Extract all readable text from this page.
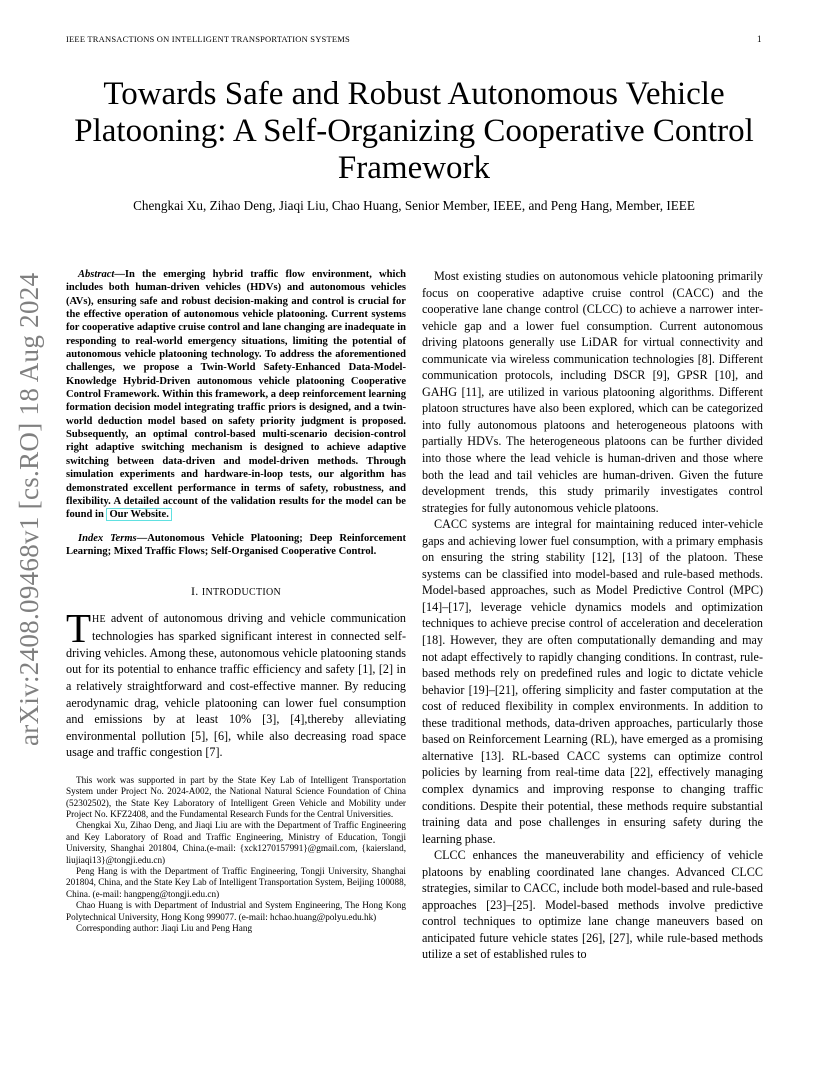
IEEE TRANSACTIONS ON INTELLIGENT TRANSPORTATION SYSTEMS	1
Towards Safe and Robust Autonomous Vehicle Platooning: A Self-Organizing Cooperative Control Framework
Chengkai Xu, Zihao Deng, Jiaqi Liu, Chao Huang, Senior Member, IEEE, and Peng Hang, Member, IEEE
arXiv:2408.09468v1 [cs.RO] 18 Aug 2024	Abstract—In the emerging hybrid traffic flow environment, which includes both human-driven vehicles (HDVs) and autonomous vehicles (AVs), ensuring safe and robust decision-making and control is crucial for the effective operation of autonomous vehicle platooning. Current systems for cooperative adaptive cruise control and lane changing are inadequate in responding to real-world emergency situations, limiting the potential of autonomous vehicle platooning technology. To address the aforementioned challenges, we propose a Twin-World Safety-Enhanced Data-Model-Knowledge Hybrid-Driven autonomous vehicle platooning Cooperative Control Framework. Within this framework, a deep reinforcement learning formation decision model integrating traffic priors is designed, and a twin-world deduction model based on safety priority judgment is proposed. Subsequently, an optimal control-based multi-scenario decision-control right adaptive switching mechanism is designed to achieve adaptive switching between data-driven and model-driven methods. Through simulation experiments and hardware-in-loop tests, our algorithm has demonstrated excellent performance in terms of safety, robustness, and flexibility. A detailed account of the validation results for the model can be found in Our Website.

Index Terms—Autonomous Vehicle Platooning; Deep Reinforcement Learning; Mixed Traffic Flows; Self-Organised Cooperative Control.

I. INTRODUCTION

THE advent of autonomous driving and vehicle communication technologies has sparked significant interest in connected self-driving vehicles. Among these, autonomous vehicle platooning stands out for its potential to enhance traffic efficiency and safety [1], [2] in a relatively straightforward and cost-effective manner. By reducing aerodynamic drag, vehicle platooning can lower fuel consumption and emissions by at least 10% [3], [4],thereby alleviating environmental pollution [5], [6], while also decreasing road space usage and traffic congestion [7].

This work was supported in part by the State Key Lab of Intelligent Transportation System under Project No. 2024-A002, the National Natural Science Foundation of China (52302502), the State Key Laboratory of Intelligent Green Vehicle and Mobility under Project No. KFZ2408, and the Fundamental Research Funds for the Central Universities.

Chengkai Xu, Zihao Deng, and Jiaqi Liu are with the Department of Traffic Engineering and Key Laboratory of Road and Traffic Engineering, Ministry of Education, Tongji University, Shanghai 201804, China.(e-mail: {xck1270157991}@gmail.com, {kaiersland, liujiaqi13}@tongji.edu.cn)

Peng Hang is with the Department of Traffic Engineering, Tongji University, Shanghai 201804, China, and the State Key Lab of Intelligent Transportation System, Beijing 100088, China. (e-mail: hangpeng@tongji.edu.cn)

Chao Huang is with Department of Industrial and System Engineering, The Hong Kong Polytechnical University, Hong Kong 999077. (e-mail: hchao.huang@polyu.edu.hk)

Corresponding author: Jiaqi Liu and Peng Hang

Most existing studies on autonomous vehicle platooning primarily focus on cooperative adaptive cruise control (CACC) and the cooperative lane change control (CLCC) to achieve a narrower inter-vehicle gap and a lower fuel consumption. Current autonomous driving platoons generally use LiDAR for virtual connectivity and communicate via wireless communication technologies [8]. Different communication protocols, including DSCR [9], GPSR [10], and GAHG [11], are utilized in various platooning algorithms. Different platoon structures have also been explored, which can be categorized into fully autonomous platoons and heterogeneous platoons with partially HDVs. The heterogeneous platoons can be further divided into those where the lead vehicle is human-driven and those where both the lead and tail vehicles are human-driven. Given the future development trends, this study primarily investigates control strategies for fully autonomous vehicle platoons.

CACC systems are integral for maintaining reduced inter-vehicle gaps and achieving lower fuel consumption, with a primary emphasis on ensuring the string stability [12], [13] of the platoon. These systems can be classified into model-based and rule-based methods. Model-based approaches, such as Model Predictive Control (MPC) [14]–[17], leverage vehicle dynamics models and optimization techniques to achieve precise control of acceleration and deceleration [18]. However, they are often computationally demanding and may not adapt effectively to rapidly changing conditions. In contrast, rule-based methods rely on predefined rules and logic to dictate vehicle behavior [19]–[21], offering simplicity and faster computation at the cost of reduced flexibility in complex environments. In addition to these traditional methods, data-driven approaches, particularly those based on Reinforcement Learning (RL), have emerged as a promising alternative [13]. RL-based CACC systems can optimize control policies by learning from real-time data [22], effectively managing complex dynamics and improving response to changing traffic conditions. Despite their potential, these methods require substantial training data and pose challenges in ensuring safety during the learning phase.

CLCC enhances the maneuverability and efficiency of vehicle platoons by enabling coordinated lane changes. Advanced CLCC strategies, similar to CACC, include both model-based and rule-based approaches [23]–[25]. Model-based methods involve predictive control techniques to optimize lane change maneuvers based on anticipated future vehicle states [26], [27], while rule-based methods utilize a set of established rules to
